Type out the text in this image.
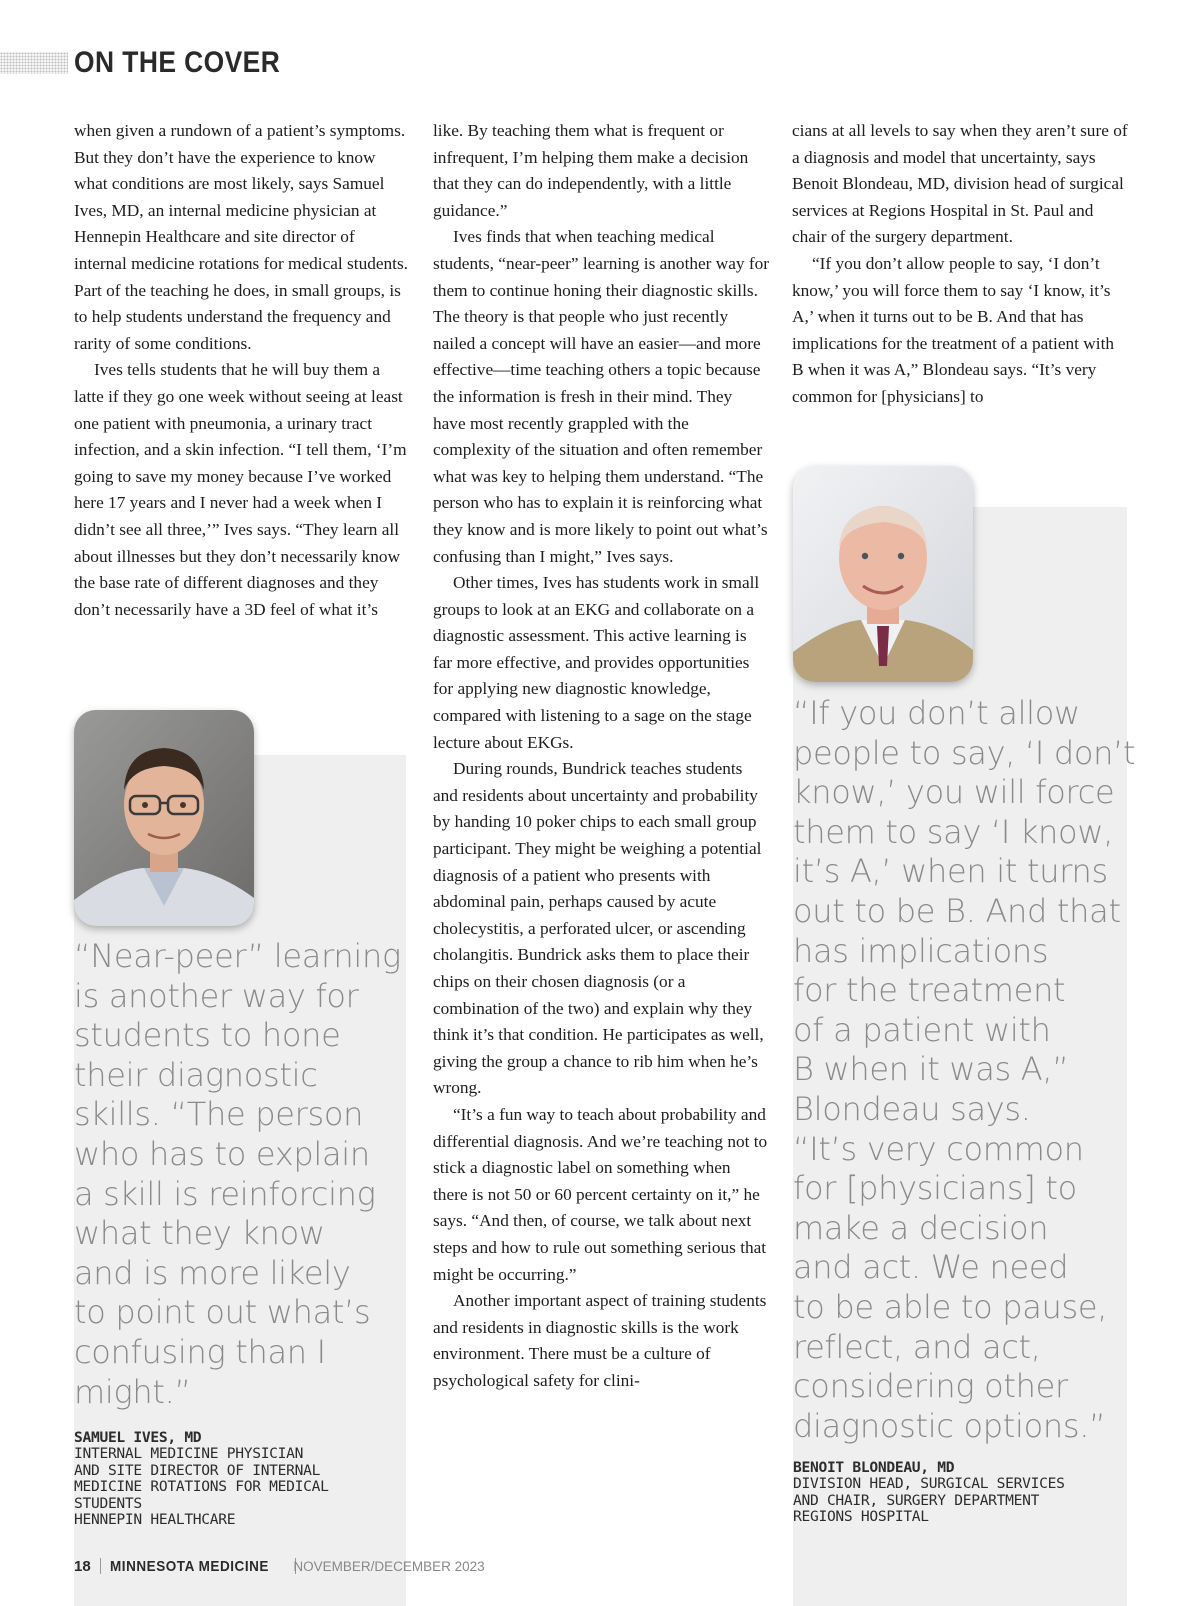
ON THE COVER

when given a rundown of a patient’s symptoms. But they don’t have the experience to know what conditions are most likely, says Samuel Ives, MD, an internal medicine physician at Hennepin Healthcare and site director of internal medicine rotations for medical students. Part of the teaching he does, in small groups, is to help students understand the frequency and rarity of some conditions.

Ives tells students that he will buy them a latte if they go one week without seeing at least one patient with pneumonia, a urinary tract infection, and a skin infection. “I tell them, ‘I’m going to save my money because I’ve worked here 17 years and I never had a week when I didn’t see all three,’” Ives says. “They learn all about illnesses but they don’t necessarily know the base rate of different diagnoses and they don’t necessarily have a 3D feel of what it’s

like. By teaching them what is frequent or infrequent, I’m helping them make a decision that they can do independently, with a little guidance.”

Ives finds that when teaching medical students, “near-peer” learning is another way for them to continue honing their diagnostic skills. The theory is that people who just recently nailed a concept will have an easier—and more effective—time teaching others a topic because the information is fresh in their mind. They have most recently grappled with the complexity of the situation and often remember what was key to helping them understand. “The person who has to explain it is reinforcing what they know and is more likely to point out what’s confusing than I might,” Ives says.

Other times, Ives has students work in small groups to look at an EKG and collaborate on a diagnostic assessment. This active learning is far more effective, and provides opportunities for applying new diagnostic knowledge, compared with listening to a sage on the stage lecture about EKGs.

During rounds, Bundrick teaches students and residents about uncertainty and probability by handing 10 poker chips to each small group participant. They might be weighing a potential diagnosis of a patient who presents with abdominal pain, perhaps caused by acute cholecystitis, a perforated ulcer, or ascending cholangitis. Bundrick asks them to place their chips on their chosen diagnosis (or a combination of the two) and explain why they think it’s that condition. He participates as well, giving the group a chance to rib him when he’s wrong.

“It’s a fun way to teach about probability and differential diagnosis. And we’re teaching not to stick a diagnostic label on something when there is not 50 or 60 percent certainty on it,” he says. “And then, of course, we talk about next steps and how to rule out something serious that might be occurring.”

Another important aspect of training students and residents in diagnostic skills is the work environment. There must be a culture of psychological safety for clini-

cians at all levels to say when they aren’t sure of a diagnosis and model that uncertainty, says Benoit Blondeau, MD, division head of surgical services at Regions Hospital in St. Paul and chair of the surgery department.

“If you don’t allow people to say, ‘I don’t know,’ you will force them to say ‘I know, it’s A,’ when it turns out to be B. And that has implications for the treatment of a patient with B when it was A,” Blondeau says. “It’s very common for [physicians] to

“Near-peer” learning
is another way for
students to hone
their diagnostic
skills. “The person
who has to explain
a skill is reinforcing
what they know
and is more likely
to point out what’s
confusing than I
might.”
SAMUEL IVES, MD
INTERNAL MEDICINE PHYSICIAN
AND SITE DIRECTOR OF INTERNAL
MEDICINE ROTATIONS FOR MEDICAL
STUDENTS
HENNEPIN HEALTHCARE
“If you don’t allow
people to say, ‘I don’t
know,’ you will force
them to say ‘I know,
it’s A,’ when it turns
out to be B. And that
has implications
for the treatment
of a patient with
B when it was A,”
Blondeau says.
“It’s very common
for [physicians] to
make a decision
and act. We need
to be able to pause,
reflect, and act,
considering other
diagnostic options.”
BENOIT BLONDEAU, MD
DIVISION HEAD, SURGICAL SERVICES
AND CHAIR, SURGERY DEPARTMENT
REGIONS HOSPITAL
18 MINNESOTA MEDICINE NOVEMBER/DECEMBER 2023
